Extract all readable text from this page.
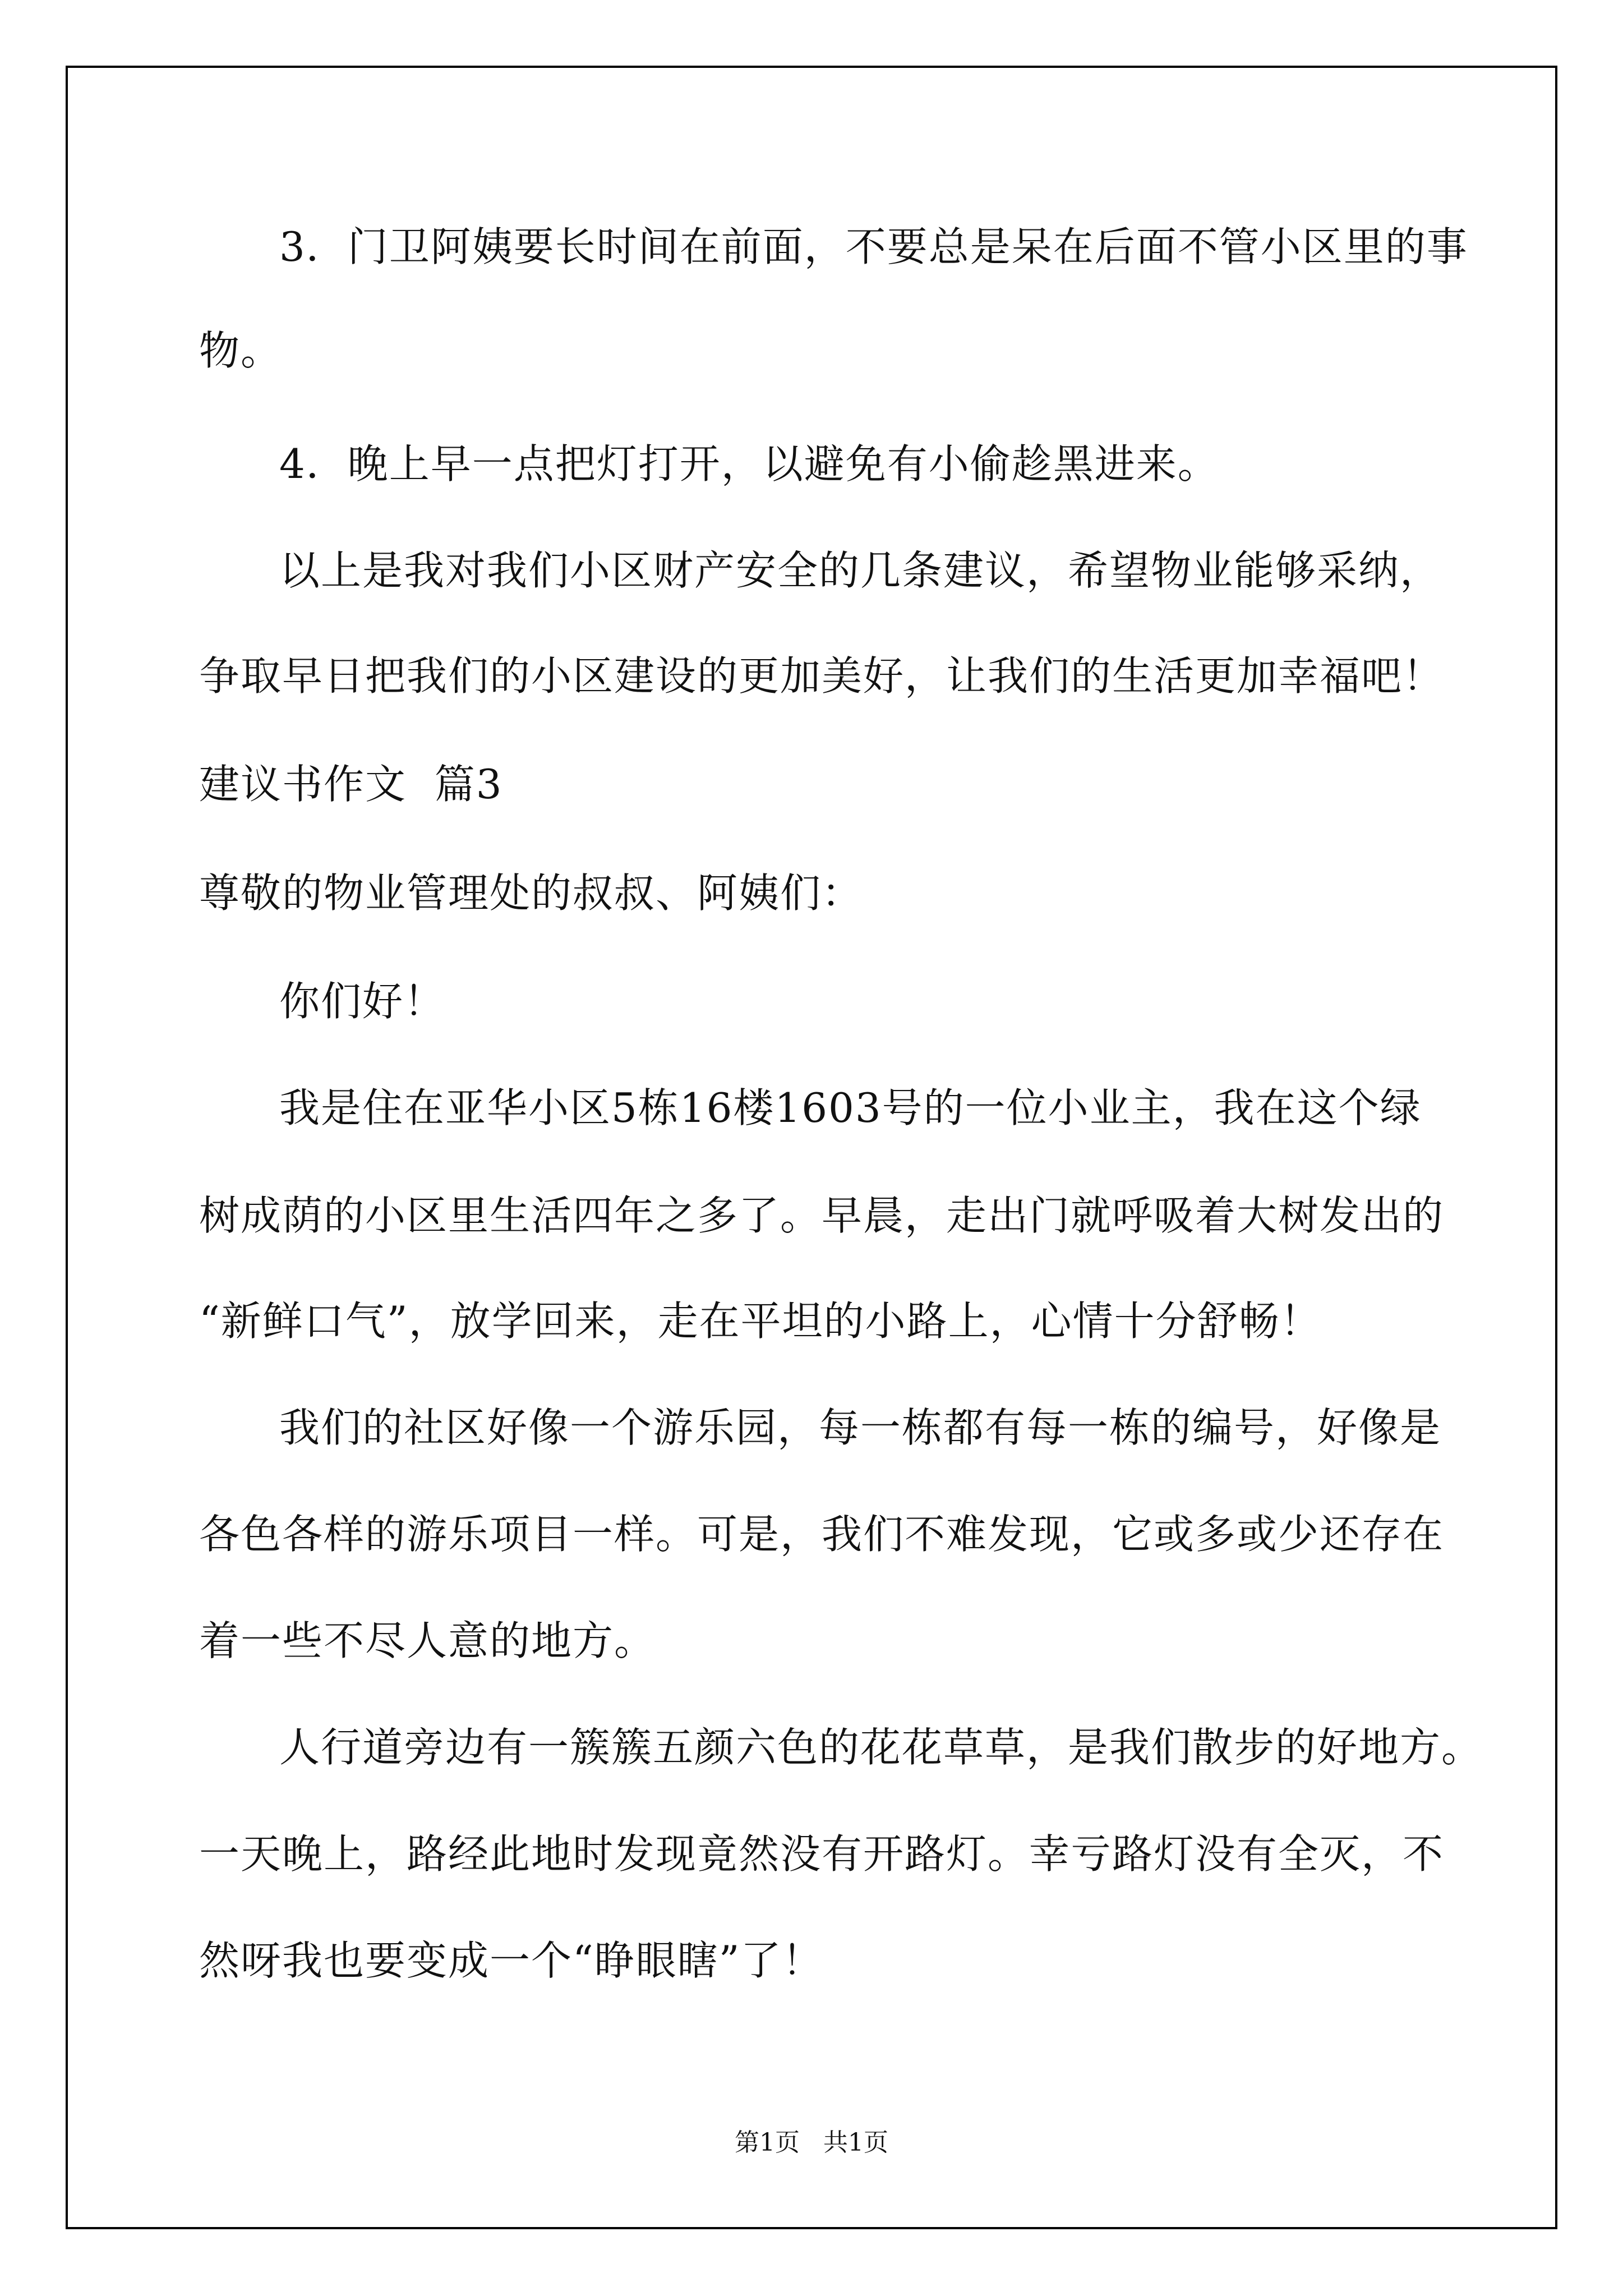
3．门卫阿姨要长时间在前面，不要总是呆在后面不管小区里的事

物。

4．晚上早一点把灯打开，以避免有小偷趁黑进来。

以上是我对我们小区财产安全的几条建议，希望物业能够采纳，

争取早日把我们的小区建设的更加美好，让我们的生活更加幸福吧！

建议书作文  篇3

尊敬的物业管理处的叔叔、阿姨们：

你们好！

我是住在亚华小区5栋16楼1603号的一位小业主，我在这个绿

树成荫的小区里生活四年之多了。早晨，走出门就呼吸着大树发出的

“新鲜口气”，放学回来，走在平坦的小路上，心情十分舒畅！

我们的社区好像一个游乐园，每一栋都有每一栋的编号，好像是

各色各样的游乐项目一样。可是，我们不难发现，它或多或少还存在

着一些不尽人意的地方。

人行道旁边有一簇簇五颜六色的花花草草，是我们散步的好地方。

一天晚上，路经此地时发现竟然没有开路灯。幸亏路灯没有全灭，不

然呀我也要变成一个“睁眼瞎”了！

第1页   共1页
